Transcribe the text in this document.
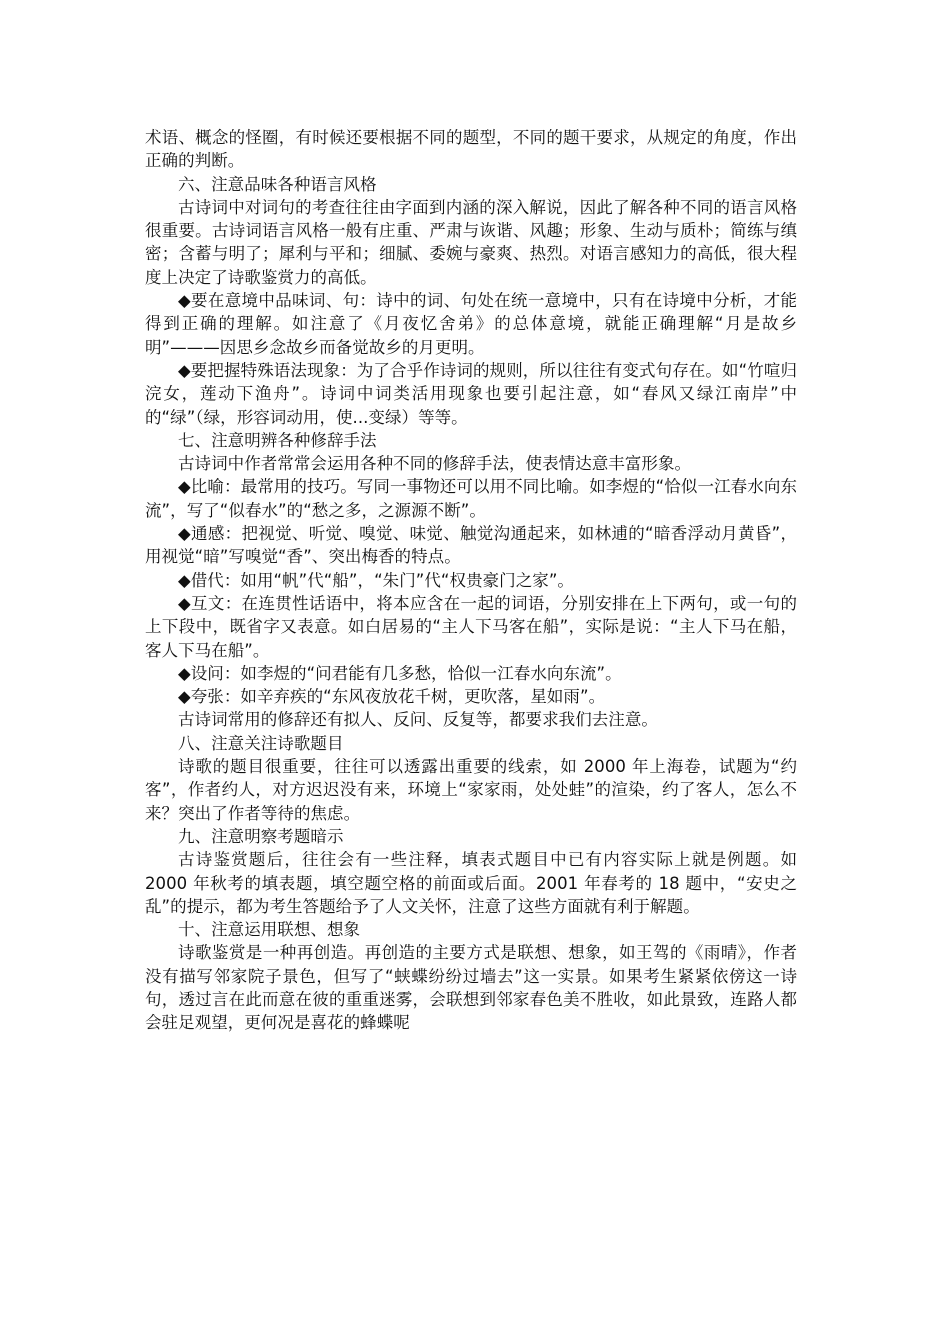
术语、概念的怪圈，有时候还要根据不同的题型，不同的题干要求，从规定的角度，作出正确的判断。

六、注意品味各种语言风格

古诗词中对词句的考查往往由字面到内涵的深入解说，因此了解各种不同的语言风格很重要。古诗词语言风格一般有庄重、严肃与诙谐、风趣；形象、生动与质朴；简练与缜密；含蓄与明了；犀利与平和；细腻、委婉与豪爽、热烈。对语言感知力的高低，很大程度上决定了诗歌鉴赏力的高低。

◆要在意境中品味词、句：诗中的词、句处在统一意境中，只有在诗境中分析，才能得到正确的理解。如注意了《月夜忆舍弟》的总体意境，就能正确理解“月是故乡明”———因思乡念故乡而备觉故乡的月更明。

◆要把握特殊语法现象：为了合乎作诗词的规则，所以往往有变式句存在。如“竹喧归浣女，莲动下渔舟”。诗词中词类活用现象也要引起注意，如“春风又绿江南岸”中的“绿”（绿，形容词动用，使...变绿）等等。

七、注意明辨各种修辞手法

古诗词中作者常常会运用各种不同的修辞手法，使表情达意丰富形象。

◆比喻：最常用的技巧。写同一事物还可以用不同比喻。如李煜的“恰似一江春水向东流”，写了“似春水”的“愁之多，之源源不断”。

◆通感：把视觉、听觉、嗅觉、味觉、触觉沟通起来，如林逋的“暗香浮动月黄昏”，用视觉“暗”写嗅觉“香”、突出梅香的特点。

◆借代：如用“帆”代“船”，“朱门”代“权贵豪门之家”。

◆互文：在连贯性话语中，将本应含在一起的词语，分别安排在上下两句，或一句的上下段中，既省字又表意。如白居易的“主人下马客在船”，实际是说：“主人下马在船，客人下马在船”。

◆设问：如李煜的“问君能有几多愁，恰似一江春水向东流”。

◆夸张：如辛弃疾的“东风夜放花千树，更吹落，星如雨”。

古诗词常用的修辞还有拟人、反问、反复等，都要求我们去注意。

八、注意关注诗歌题目

诗歌的题目很重要，往往可以透露出重要的线索，如 2000 年上海卷，试题为“约客”，作者约人，对方迟迟没有来，环境上“家家雨，处处蛙”的渲染，约了客人，怎么不来？突出了作者等待的焦虑。

九、注意明察考题暗示

古诗鉴赏题后，往往会有一些注释，填表式题目中已有内容实际上就是例题。如 2000 年秋考的填表题，填空题空格的前面或后面。2001 年春考的 18 题中，“安史之乱”的提示，都为考生答题给予了人文关怀，注意了这些方面就有利于解题。

十、注意运用联想、想象

诗歌鉴赏是一种再创造。再创造的主要方式是联想、想象，如王驾的《雨晴》，作者没有描写邻家院子景色，但写了“蛱蝶纷纷过墙去”这一实景。如果考生紧紧依傍这一诗句，透过言在此而意在彼的重重迷雾，会联想到邻家春色美不胜收，如此景致，连路人都会驻足观望，更何况是喜花的蜂蝶呢
